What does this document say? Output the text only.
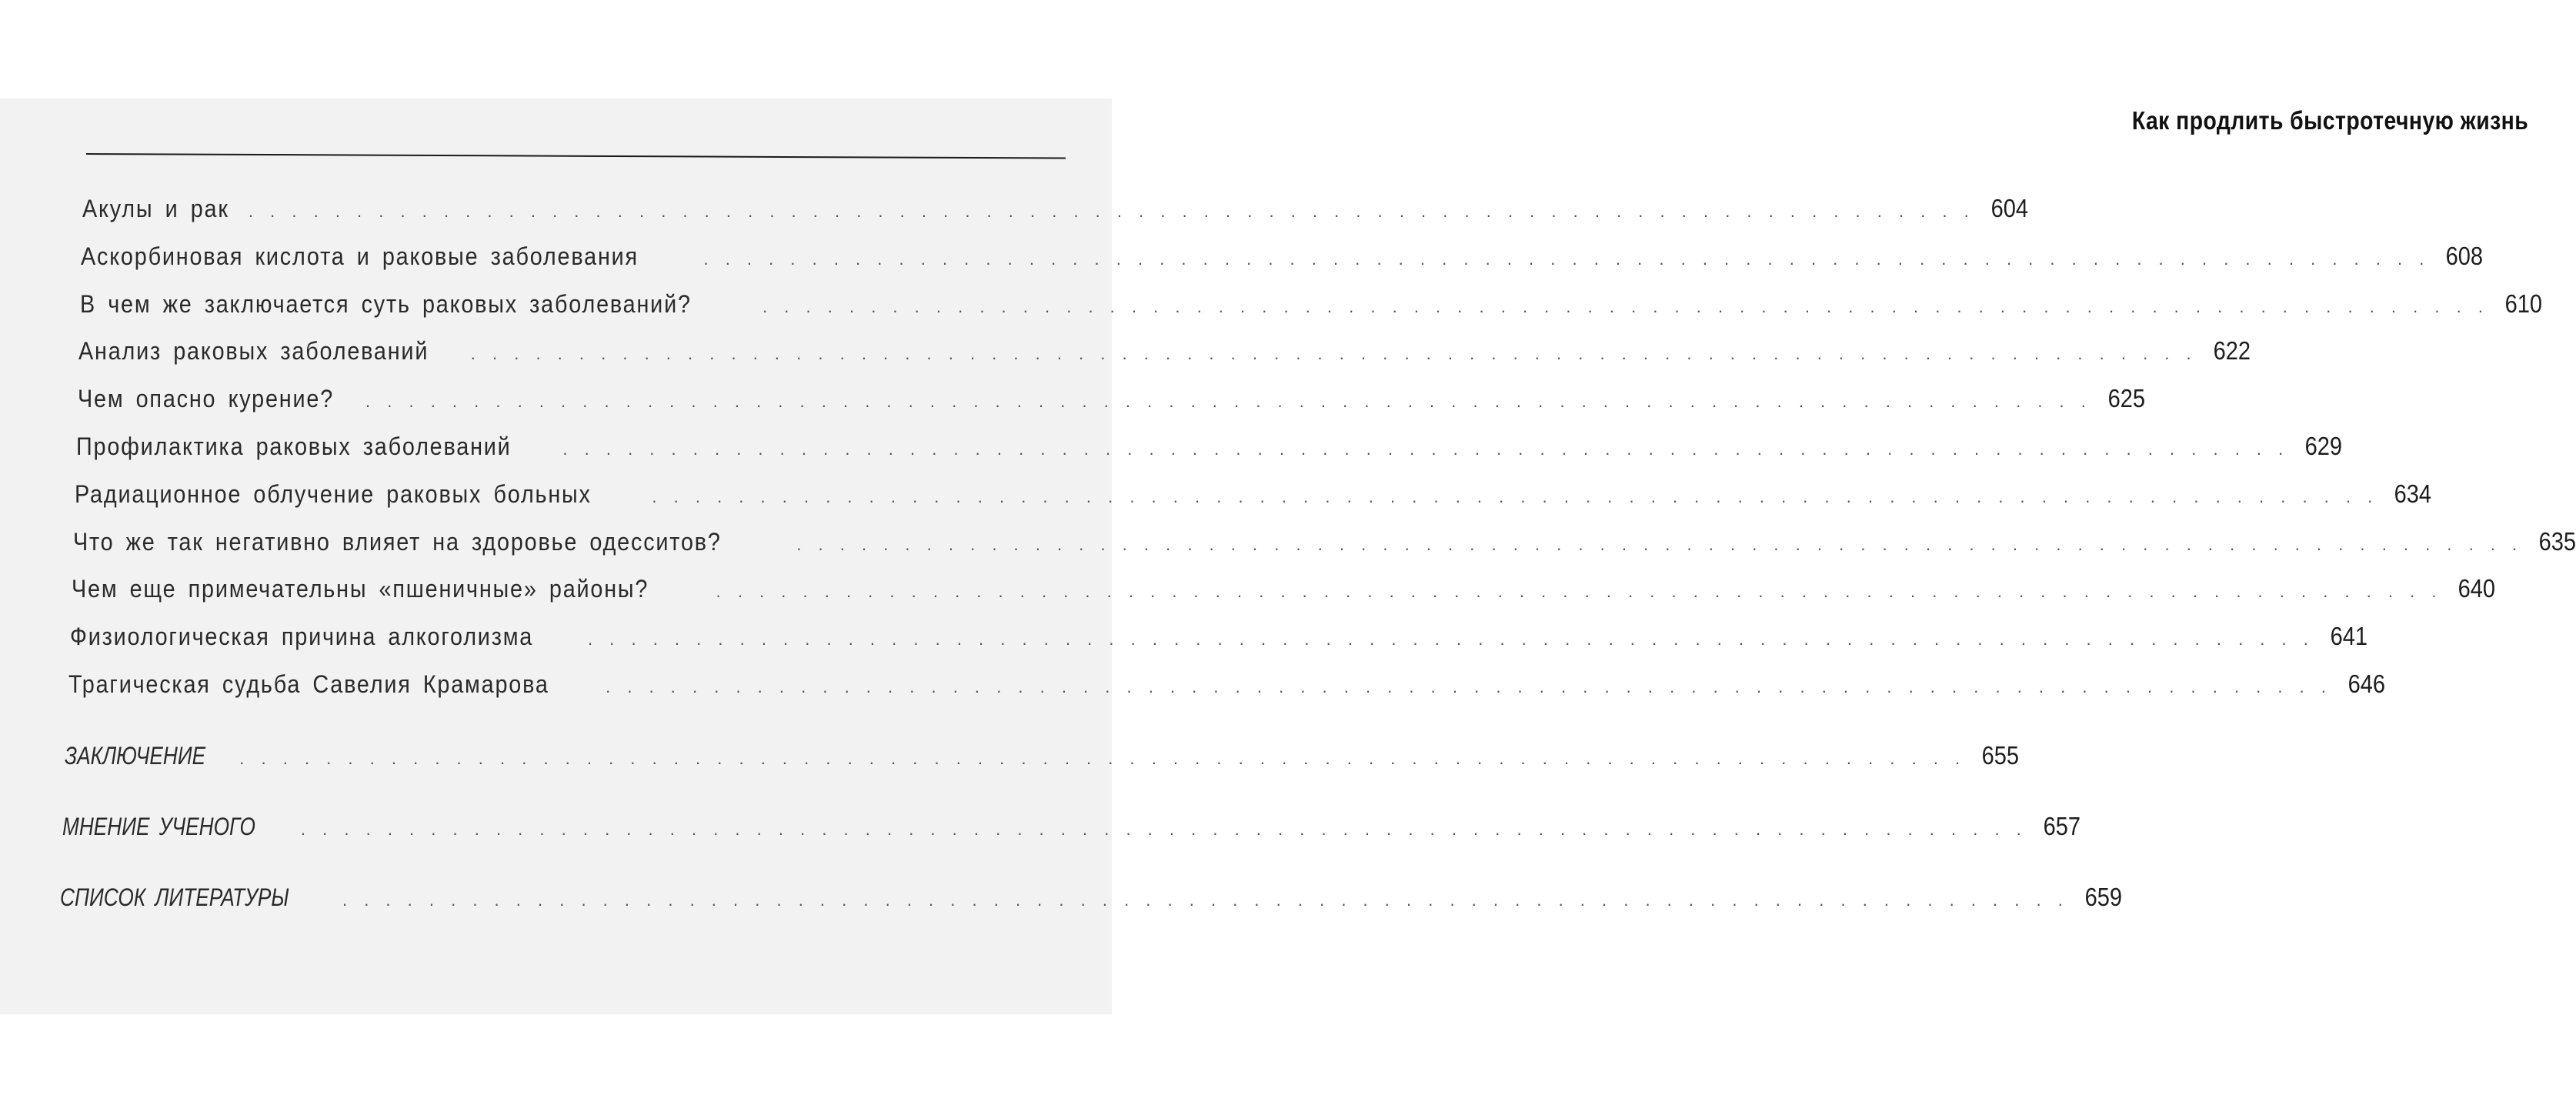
Как продлить быстротечную жизнь
Акулы и рак . . . . . . . . . . . . . . . . . . . . . . . . . . . . . . . . . . . . . . . . . . . . . . . . . . . . . . . . . . . . . . . . . . . . . . . . . . . . . . . . 604
Аскорбиновая кислота и раковые заболевания	. . . . . . . . . . . . . . . . . . . . . . . . . . . . . . . . . . . . . . . . . . . . . . . . . . . . . . . . . . . . . . . . . . . . . . . . . . . . . . . . 608
В чем же заключается суть раковых заболеваний?	. . . . . . . . . . . . . . . . . . . . . . . . . . . . . . . . . . . . . . . . . . . . . . . . . . . . . . . . . . . . . . . . . . . . . . . . . . . . . . . . 610
Анализ раковых заболеваний . . . . . . . . . . . . . . . . . . . . . . . . . . . . . . . . . . . . . . . . . . . . . . . . . . . . . . . . . . . . . . . . . . . . . . . . . . . . . . . . 622
Чем опасно курение? . . . . . . . . . . . . . . . . . . . . . . . . . . . . . . . . . . . . . . . . . . . . . . . . . . . . . . . . . . . . . . . . . . . . . . . . . . . . . . . . 625
Профилактика раковых заболеваний	. . . . . . . . . . . . . . . . . . . . . . . . . . . . . . . . . . . . . . . . . . . . . . . . . . . . . . . . . . . . . . . . . . . . . . . . . . . . . . . . 629
Радиационное облучение раковых больных	. . . . . . . . . . . . . . . . . . . . . . . . . . . . . . . . . . . . . . . . . . . . . . . . . . . . . . . . . . . . . . . . . . . . . . . . . . . . . . . . 634
Что же так негативно влияет на здоровье одесситов?	. . . . . . . . . . . . . . . . . . . . . . . . . . . . . . . . . . . . . . . . . . . . . . . . . . . . . . . . . . . . . . . . . . . . . . . . . . . . . . . . 635
Чем еще примечательны «пшеничные» районы?	. . . . . . . . . . . . . . . . . . . . . . . . . . . . . . . . . . . . . . . . . . . . . . . . . . . . . . . . . . . . . . . . . . . . . . . . . . . . . . . . 640
Физиологическая причина алкоголизма	. . . . . . . . . . . . . . . . . . . . . . . . . . . . . . . . . . . . . . . . . . . . . . . . . . . . . . . . . . . . . . . . . . . . . . . . . . . . . . . . 641
Трагическая судьба Савелия Крамарова	. . . . . . . . . . . . . . . . . . . . . . . . . . . . . . . . . . . . . . . . . . . . . . . . . . . . . . . . . . . . . . . . . . . . . . . . . . . . . . . . 646
ЗАКЛЮЧЕНИЕ . . . . . . . . . . . . . . . . . . . . . . . . . . . . . . . . . . . . . . . . . . . . . . . . . . . . . . . . . . . . . . . . . . . . . . . . . . . . . . . . 655
МНЕНИЕ УЧЕНОГО	. . . . . . . . . . . . . . . . . . . . . . . . . . . . . . . . . . . . . . . . . . . . . . . . . . . . . . . . . . . . . . . . . . . . . . . . . . . . . . . . 657
СПИСОК ЛИТЕРАТУРЫ	. . . . . . . . . . . . . . . . . . . . . . . . . . . . . . . . . . . . . . . . . . . . . . . . . . . . . . . . . . . . . . . . . . . . . . . . . . . . . . . . 659
